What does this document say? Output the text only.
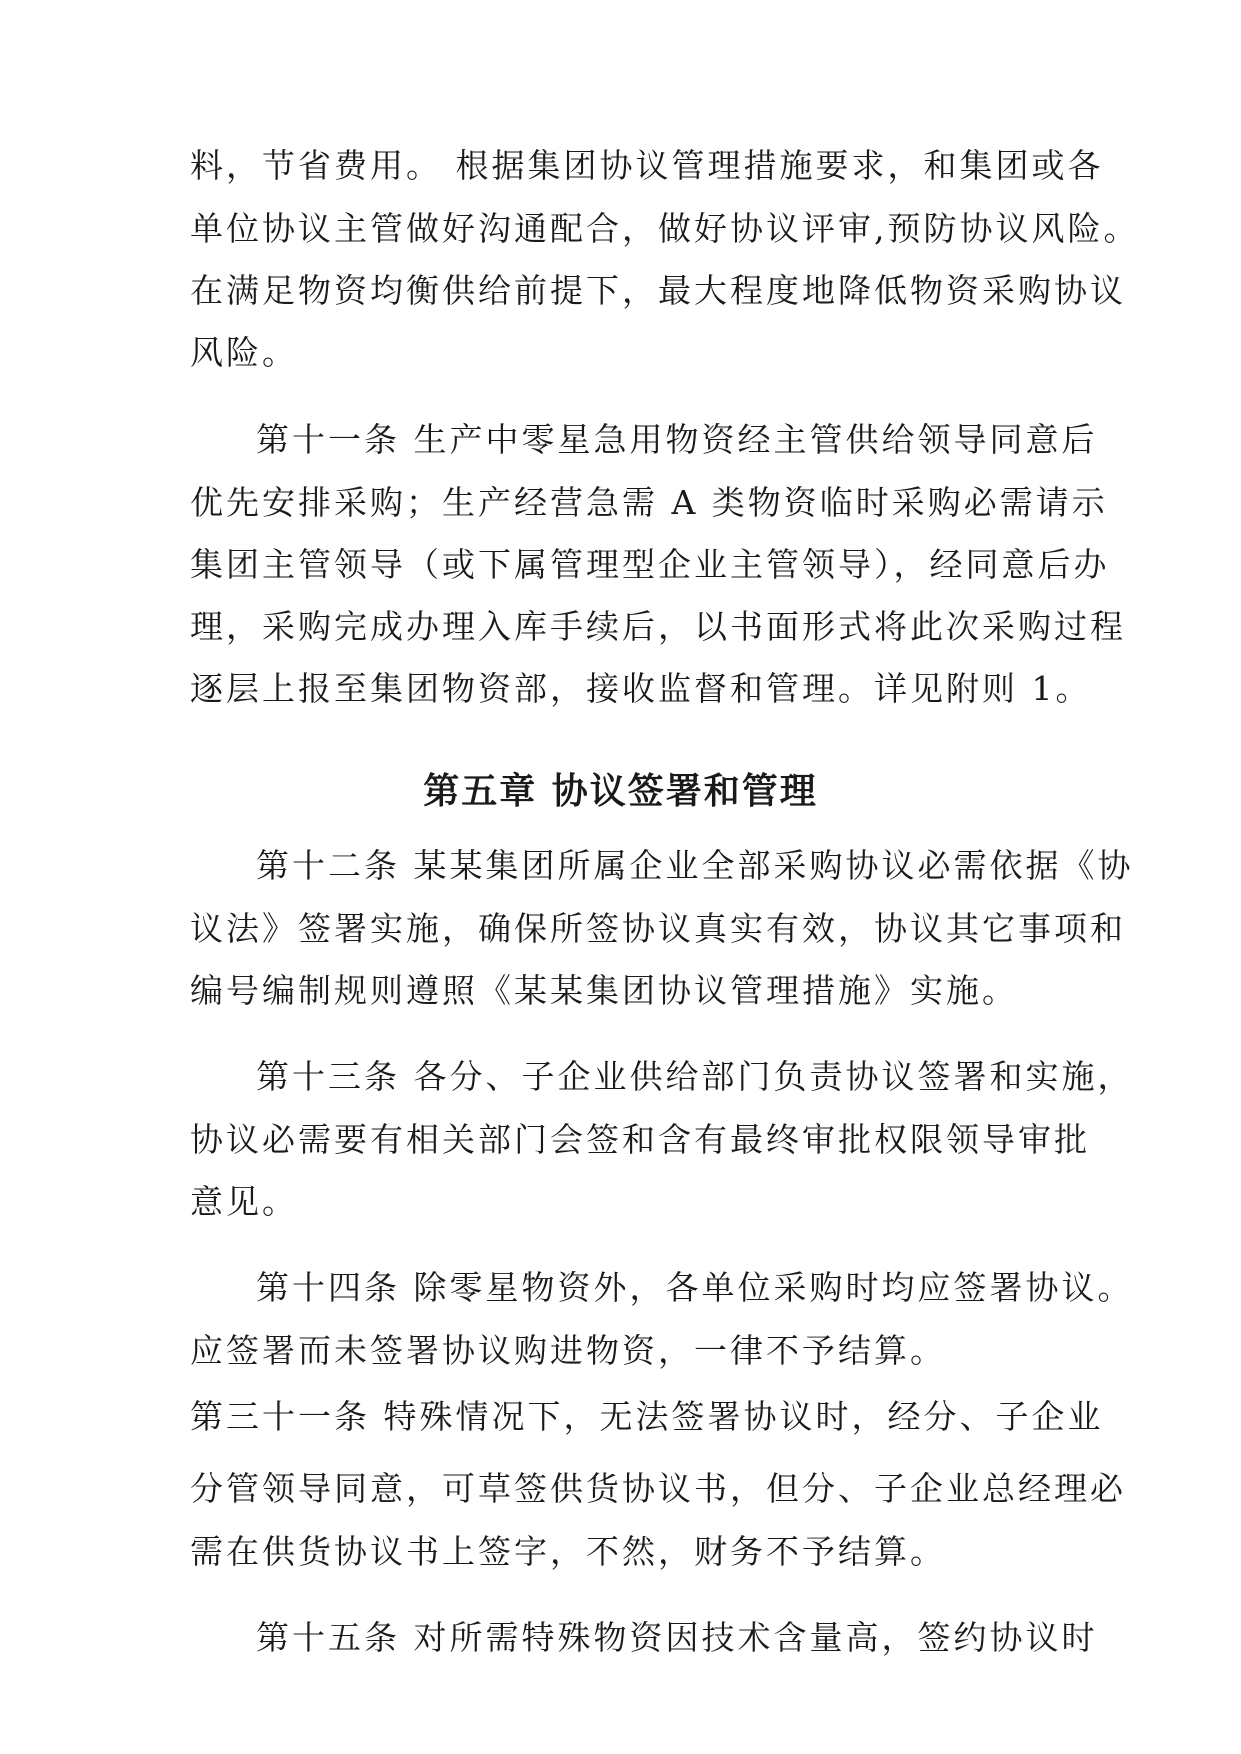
料，节省费用。 根据集团协议管理措施要求，和集团或各
单位协议主管做好沟通配合，做好协议评审,预防协议风险。
在满足物资均衡供给前提下，最大程度地降低物资采购协议
风险。
第十一条 生产中零星急用物资经主管供给领导同意后
优先安排采购；生产经营急需 A 类物资临时采购必需请示
集团主管领导（或下属管理型企业主管领导），经同意后办
理，采购完成办理入库手续后，以书面形式将此次采购过程
逐层上报至集团物资部，接收监督和管理。详见附则 1。
第五章 协议签署和管理
第十二条 某某集团所属企业全部采购协议必需依据《协
议法》签署实施，确保所签协议真实有效，协议其它事项和
编号编制规则遵照《某某集团协议管理措施》实施。
第十三条 各分、子企业供给部门负责协议签署和实施，
协议必需要有相关部门会签和含有最终审批权限领导审批
意见。
第十四条 除零星物资外，各单位采购时均应签署协议。
应签署而未签署协议购进物资，一律不予结算。
第三十一条 特殊情况下，无法签署协议时，经分、子企业
分管领导同意，可草签供货协议书，但分、子企业总经理必
需在供货协议书上签字，不然，财务不予结算。
第十五条 对所需特殊物资因技术含量高，签约协议时
